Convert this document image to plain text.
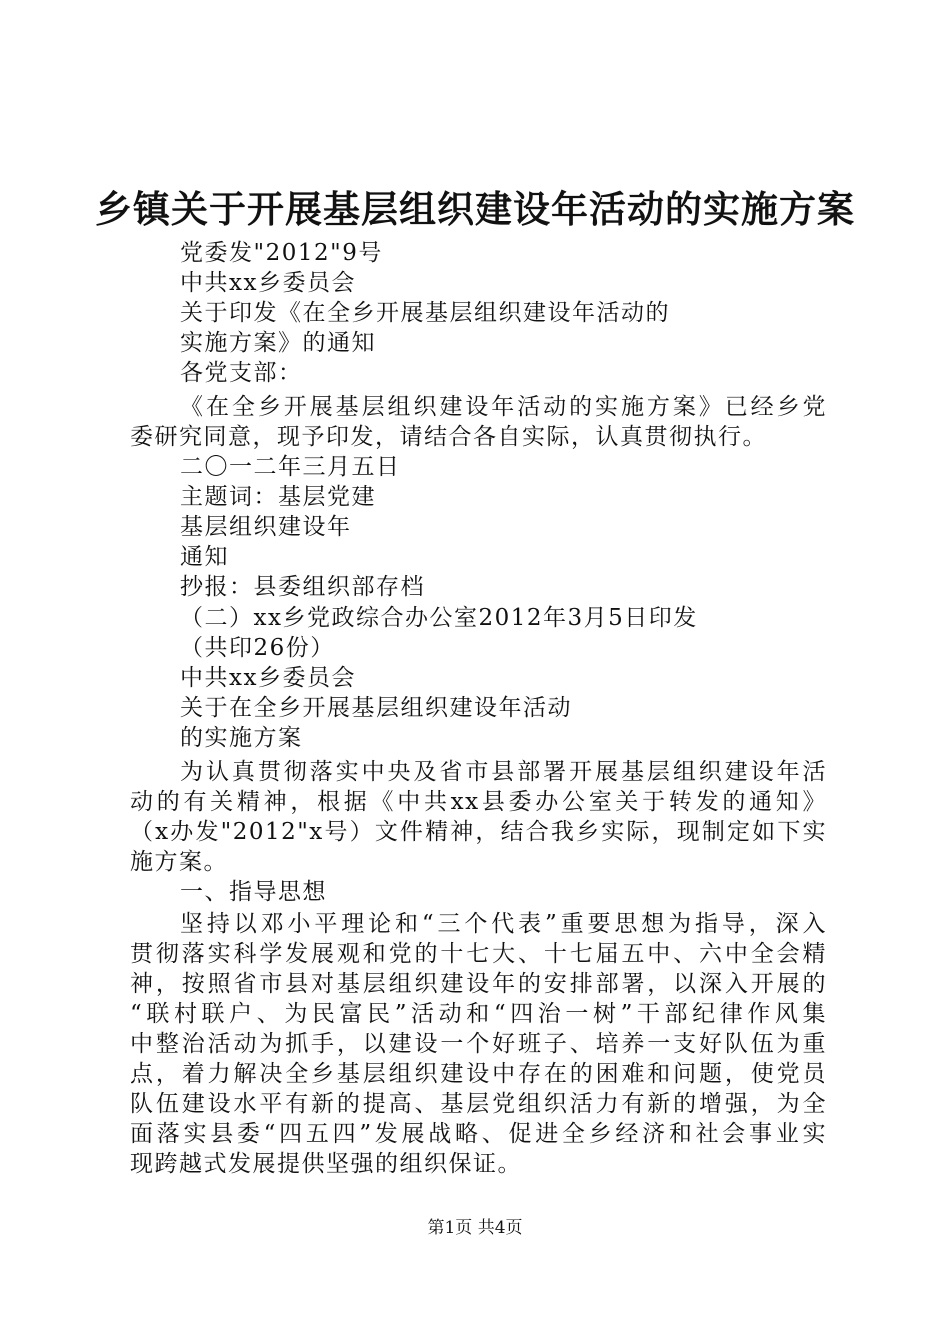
乡镇关于开展基层组织建设年活动的实施方案
党委发"2012"9号
中共xx乡委员会
关于印发《在全乡开展基层组织建设年活动的
实施方案》的通知
各党支部：
《在全乡开展基层组织建设年活动的实施方案》已经乡党
委研究同意，现予印发，请结合各自实际，认真贯彻执行。
二〇一二年三月五日
主题词：基层党建
基层组织建设年
通知
抄报：县委组织部存档
（二）xx乡党政综合办公室2012年3月5日印发
（共印26份）
中共xx乡委员会
关于在全乡开展基层组织建设年活动
的实施方案
为认真贯彻落实中央及省市县部署开展基层组织建设年活
动的有关精神，根据《中共xx县委办公室关于转发的通知》
（x办发"2012"x号）文件精神，结合我乡实际，现制定如下实
施方案。
一、指导思想
坚持以邓小平理论和“三个代表”重要思想为指导，深入
贯彻落实科学发展观和党的十七大、十七届五中、六中全会精
神，按照省市县对基层组织建设年的安排部署，以深入开展的
“联村联户、为民富民”活动和“四治一树”干部纪律作风集
中整治活动为抓手，以建设一个好班子、培养一支好队伍为重
点，着力解决全乡基层组织建设中存在的困难和问题，使党员
队伍建设水平有新的提高、基层党组织活力有新的增强，为全
面落实县委“四五四”发展战略、促进全乡经济和社会事业实
现跨越式发展提供坚强的组织保证。
第1页 共4页
